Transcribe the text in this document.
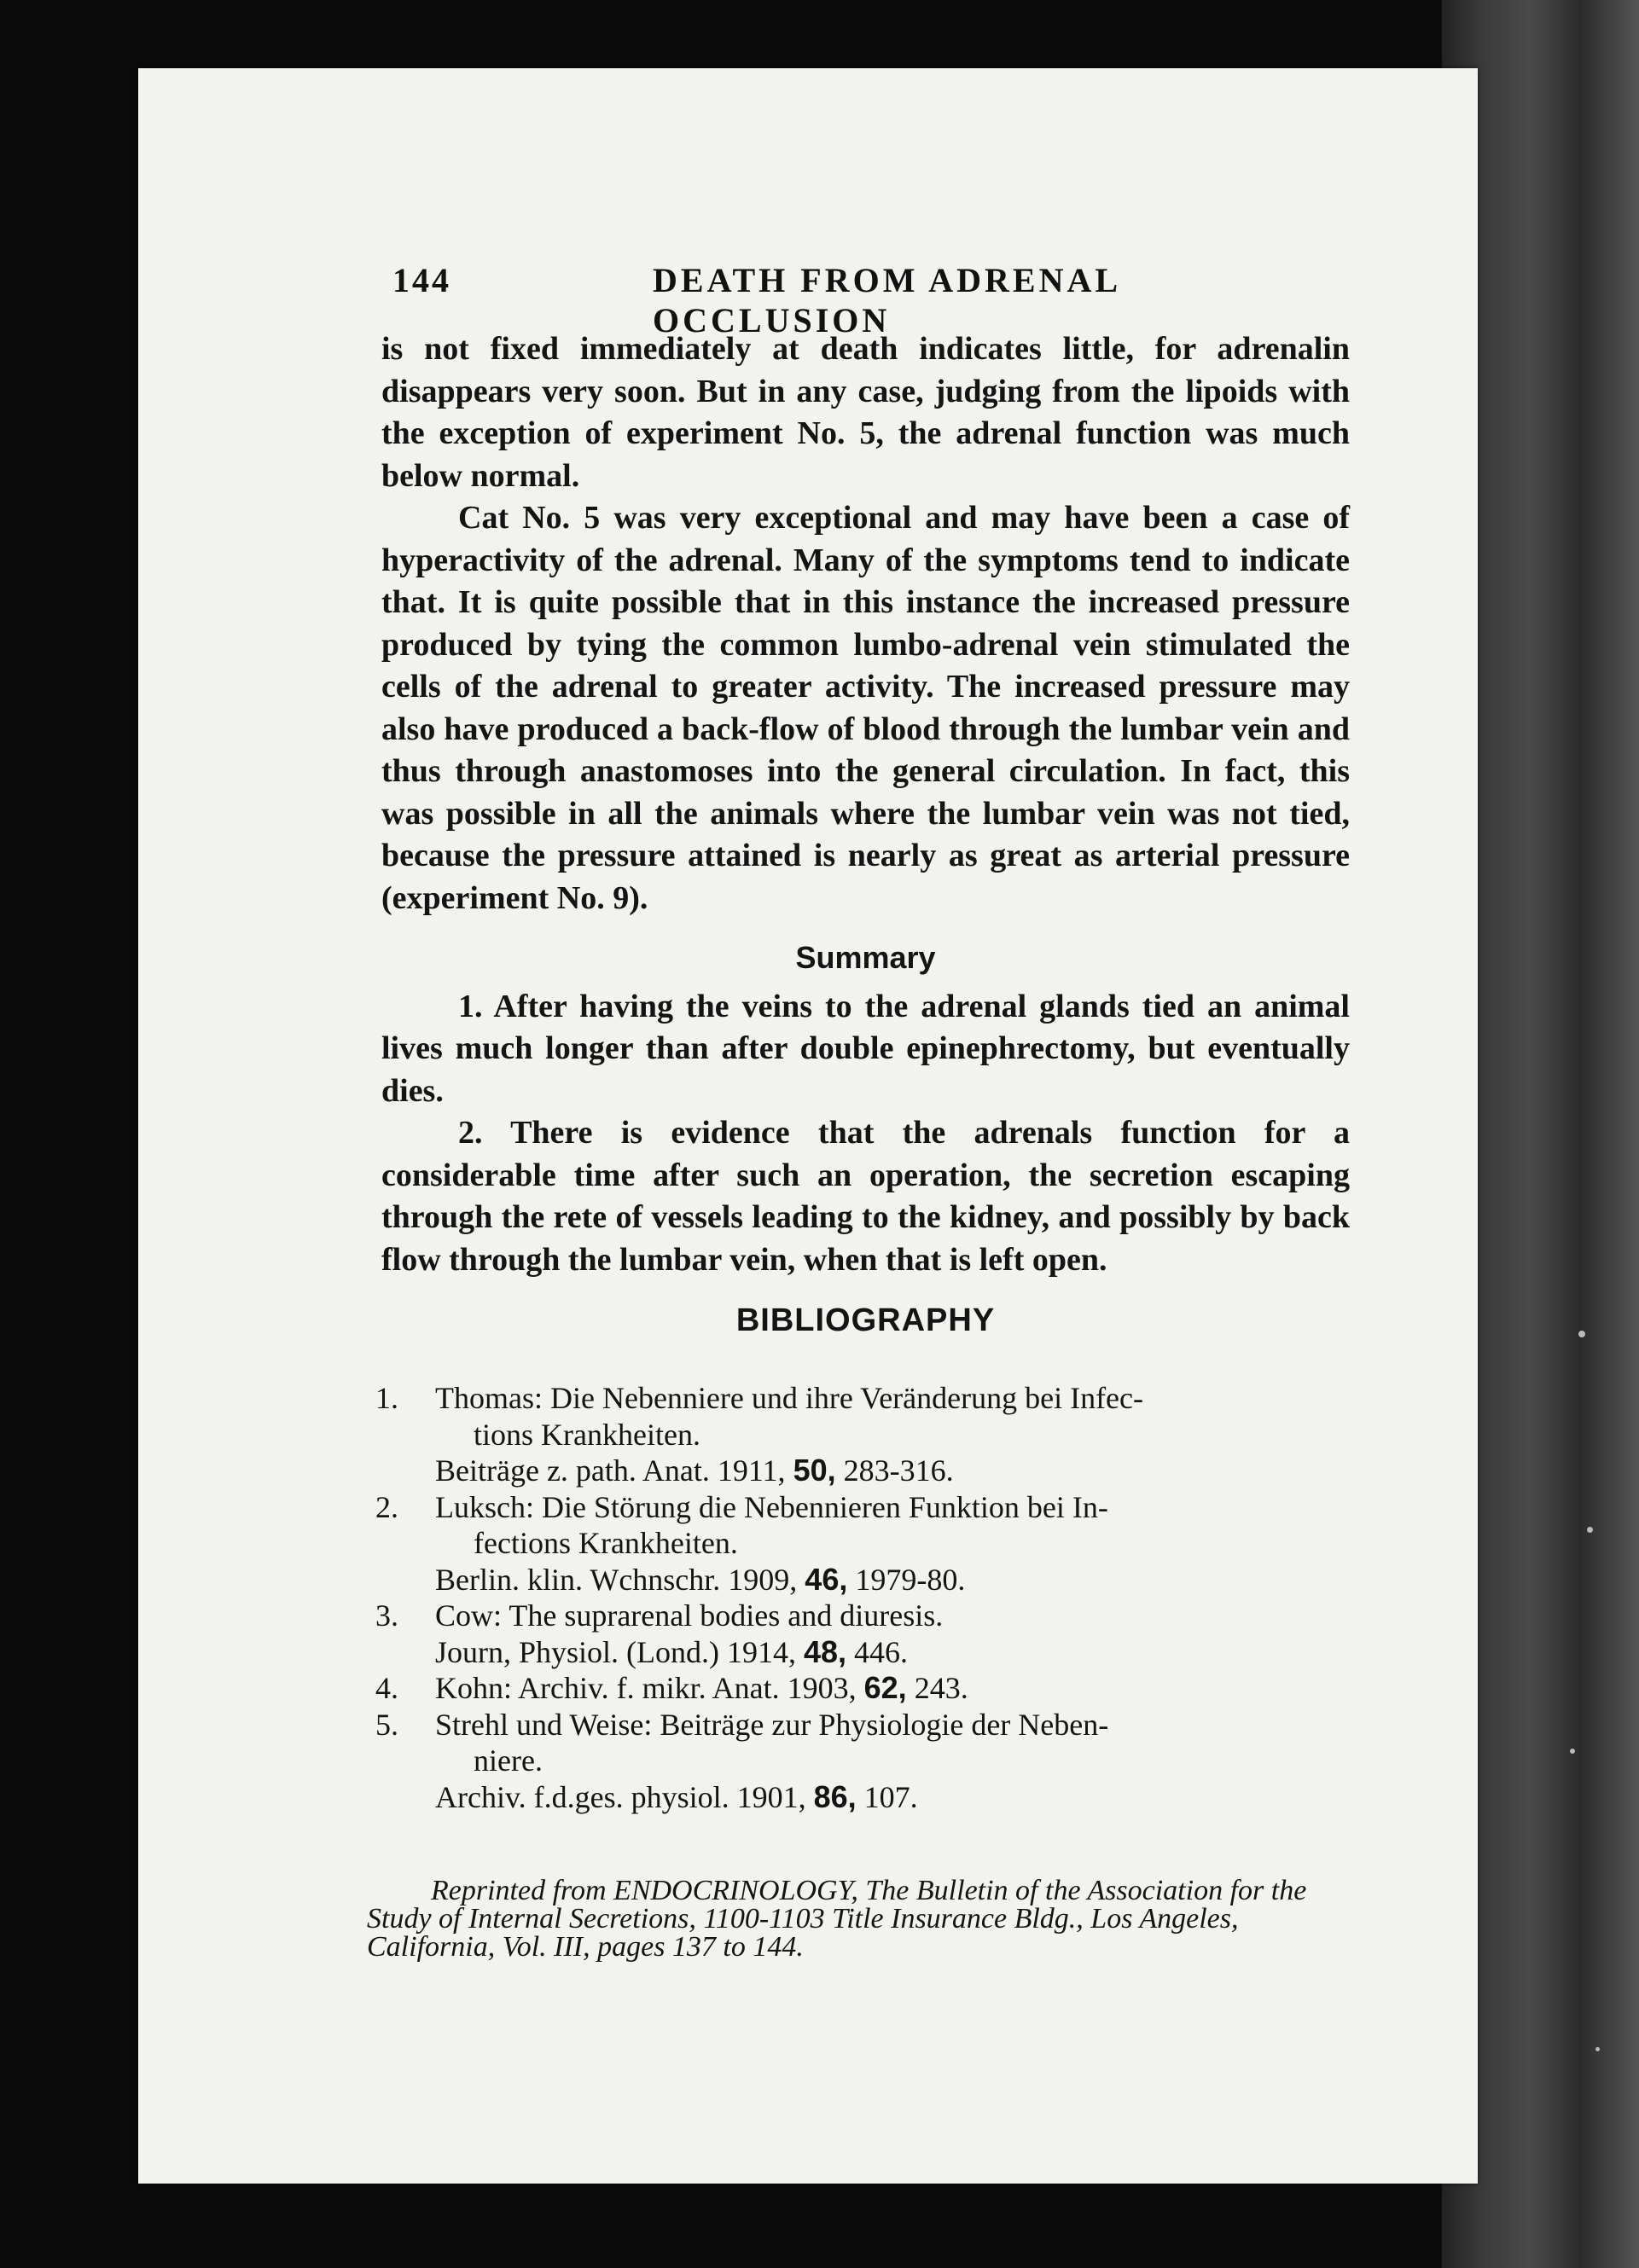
144	DEATH FROM ADRENAL OCCLUSION

is not fixed immediately at death indicates little, for adrenalin disappears very soon. But in any case, judging from the lipoids with the exception of experiment No. 5, the adrenal function was much below normal.

Cat No. 5 was very exceptional and may have been a case of hyperactivity of the adrenal. Many of the symptoms tend to indicate that. It is quite possible that in this instance the increased pressure produced by tying the common lumbo-adrenal vein stimulated the cells of the adrenal to greater activity. The increased pressure may also have produced a back-flow of blood through the lumbar vein and thus through anastomoses into the general circulation. In fact, this was possible in all the animals where the lumbar vein was not tied, because the pressure attained is nearly as great as arterial pressure (experiment No. 9).

Summary

1. After having the veins to the adrenal glands tied an animal lives much longer than after double epinephrectomy, but eventually dies.

2. There is evidence that the adrenals function for a considerable time after such an operation, the secretion escaping through the rete of vessels leading to the kidney, and possibly by back flow through the lumbar vein, when that is left open.

BIBLIOGRAPHY
1. Thomas: Die Nebenniere und ihre Veränderung bei Infec-
tions Krankheiten.
Beiträge z. path. Anat. 1911, 50, 283-316.
2. Luksch: Die Störung die Nebennieren Funktion bei In-
fections Krankheiten.
Berlin. klin. Wchnschr. 1909, 46, 1979-80.
3. Cow: The suprarenal bodies and diuresis.
Journ, Physiol. (Lond.) 1914, 48, 446.
4. Kohn: Archiv. f. mikr. Anat. 1903, 62, 243.
5. Strehl und Weise: Beiträge zur Physiologie der Neben-
niere.
Archiv. f.d.ges. physiol. 1901, 86, 107.
Reprinted from ENDOCRINOLOGY, The Bulletin of the Association for the Study of Internal Secretions, 1100-1103 Title Insurance Bldg., Los Angeles, California, Vol. III, pages 137 to 144.
